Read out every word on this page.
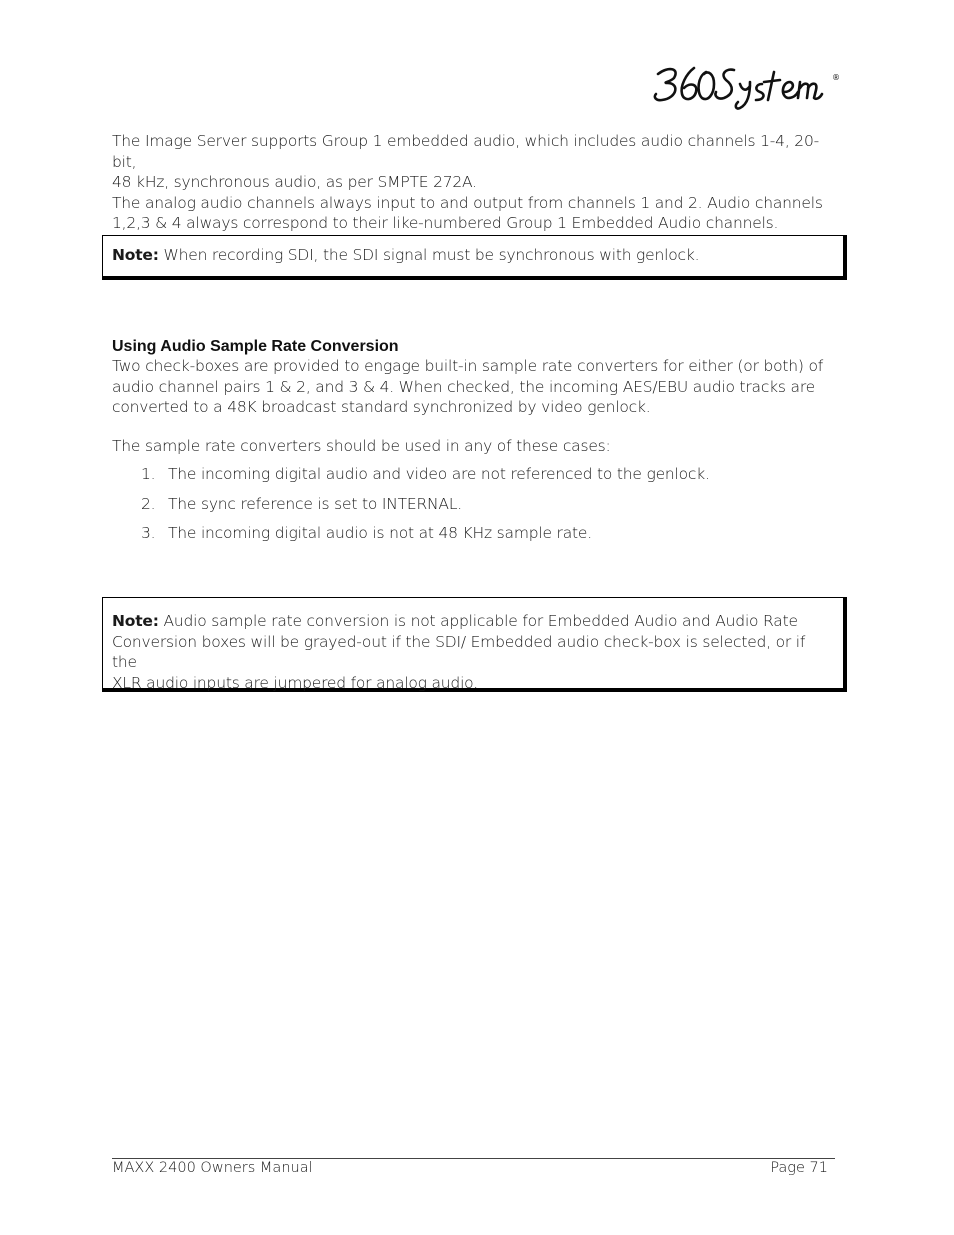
®

The Image Server supports Group 1 embedded audio, which includes audio channels 1-4, 20-bit,

48 kHz, synchronous audio, as per SMPTE 272A.

The analog audio channels always input to and output from channels 1 and 2. Audio channels

1,2,3 & 4 always correspond to their like-numbered Group 1 Embedded Audio channels.

Note: When recording SDI, the SDI signal must be synchronous with genlock.
Using Audio Sample Rate Conversion
Two check-boxes are provided to engage built-in sample rate converters for either (or both) of
audio channel pairs 1 & 2, and 3 & 4. When checked, the incoming AES/EBU audio tracks are
converted to a 48K broadcast standard synchronized by video genlock.
The sample rate converters should be used in any of these cases:
1. The incoming digital audio and video are not referenced to the genlock.
2. The sync reference is set to INTERNAL.
3. The incoming digital audio is not at 48 KHz sample rate.
Note: Audio sample rate conversion is not applicable for Embedded Audio and Audio Rate
Conversion boxes will be grayed-out if the SDI/ Embedded audio check-box is selected, or if the
XLR audio inputs are jumpered for analog audio.
MAXX 2400 Owners Manual	Page 71
